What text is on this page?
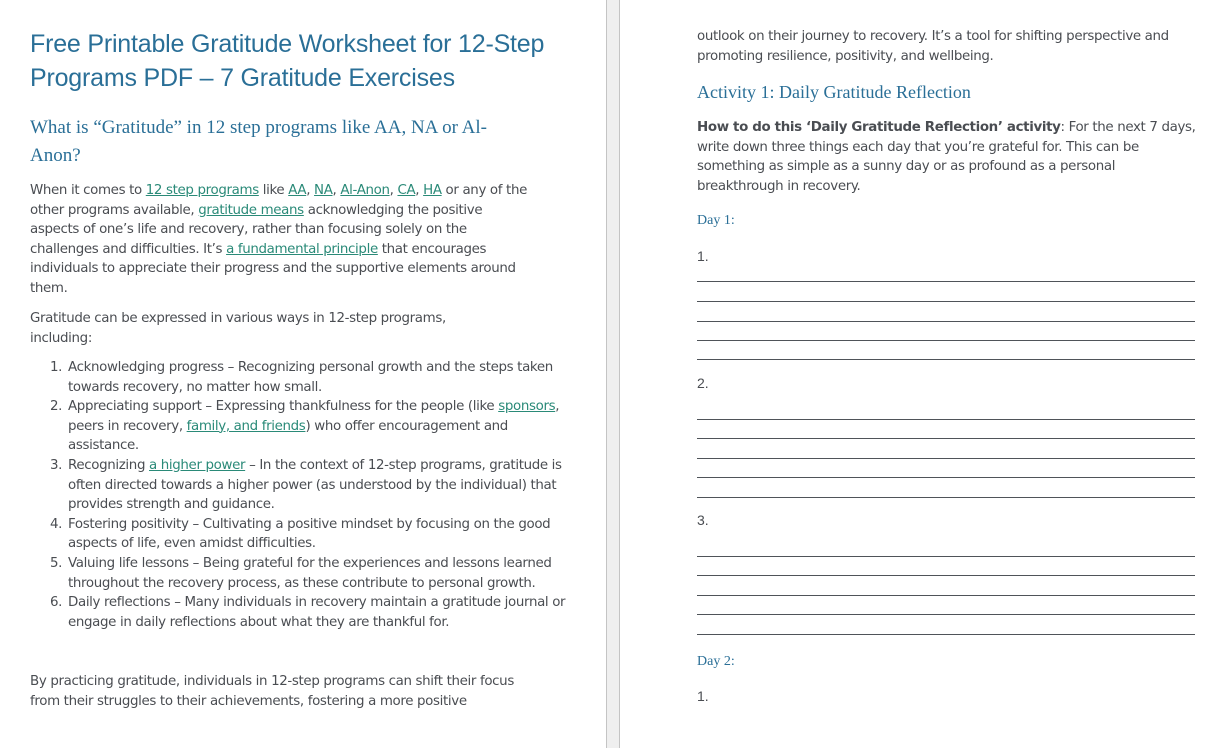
Free Printable Gratitude Worksheet for 12-Step Programs PDF – 7 Gratitude Exercises
What is “Gratitude” in 12 step programs like AA, NA or Al-Anon?

When it comes to 12 step programs like AA, NA, Al-Anon, CA, HA or any of the other programs available, gratitude means acknowledging the positive aspects of one’s life and recovery, rather than focusing solely on the challenges and difficulties. It’s a fundamental principle that encourages individuals to appreciate their progress and the supportive elements around them.

Gratitude can be expressed in various ways in 12-step programs, including:

1. Acknowledging progress – Recognizing personal growth and the steps taken towards recovery, no matter how small.
2. Appreciating support – Expressing thankfulness for the people (like sponsors, peers in recovery, family, and friends) who offer encouragement and assistance.
3. Recognizing a higher power – In the context of 12-step programs, gratitude is often directed towards a higher power (as understood by the individual) that provides strength and guidance.
4. Fostering positivity – Cultivating a positive mindset by focusing on the good aspects of life, even amidst difficulties.
5. Valuing life lessons – Being grateful for the experiences and lessons learned throughout the recovery process, as these contribute to personal growth.
6. Daily reflections – Many individuals in recovery maintain a gratitude journal or engage in daily reflections about what they are thankful for.

By practicing gratitude, individuals in 12-step programs can shift their focus from their struggles to their achievements, fostering a more positive

outlook on their journey to recovery. It’s a tool for shifting perspective and promoting resilience, positivity, and wellbeing.

Activity 1: Daily Gratitude Reflection

How to do this ‘Daily Gratitude Reflection’ activity: For the next 7 days, write down three things each day that you’re grateful for. This can be something as simple as a sunny day or as profound as a personal breakthrough in recovery.

Day 1:

1.

2.

3.

Day 2:

1.
